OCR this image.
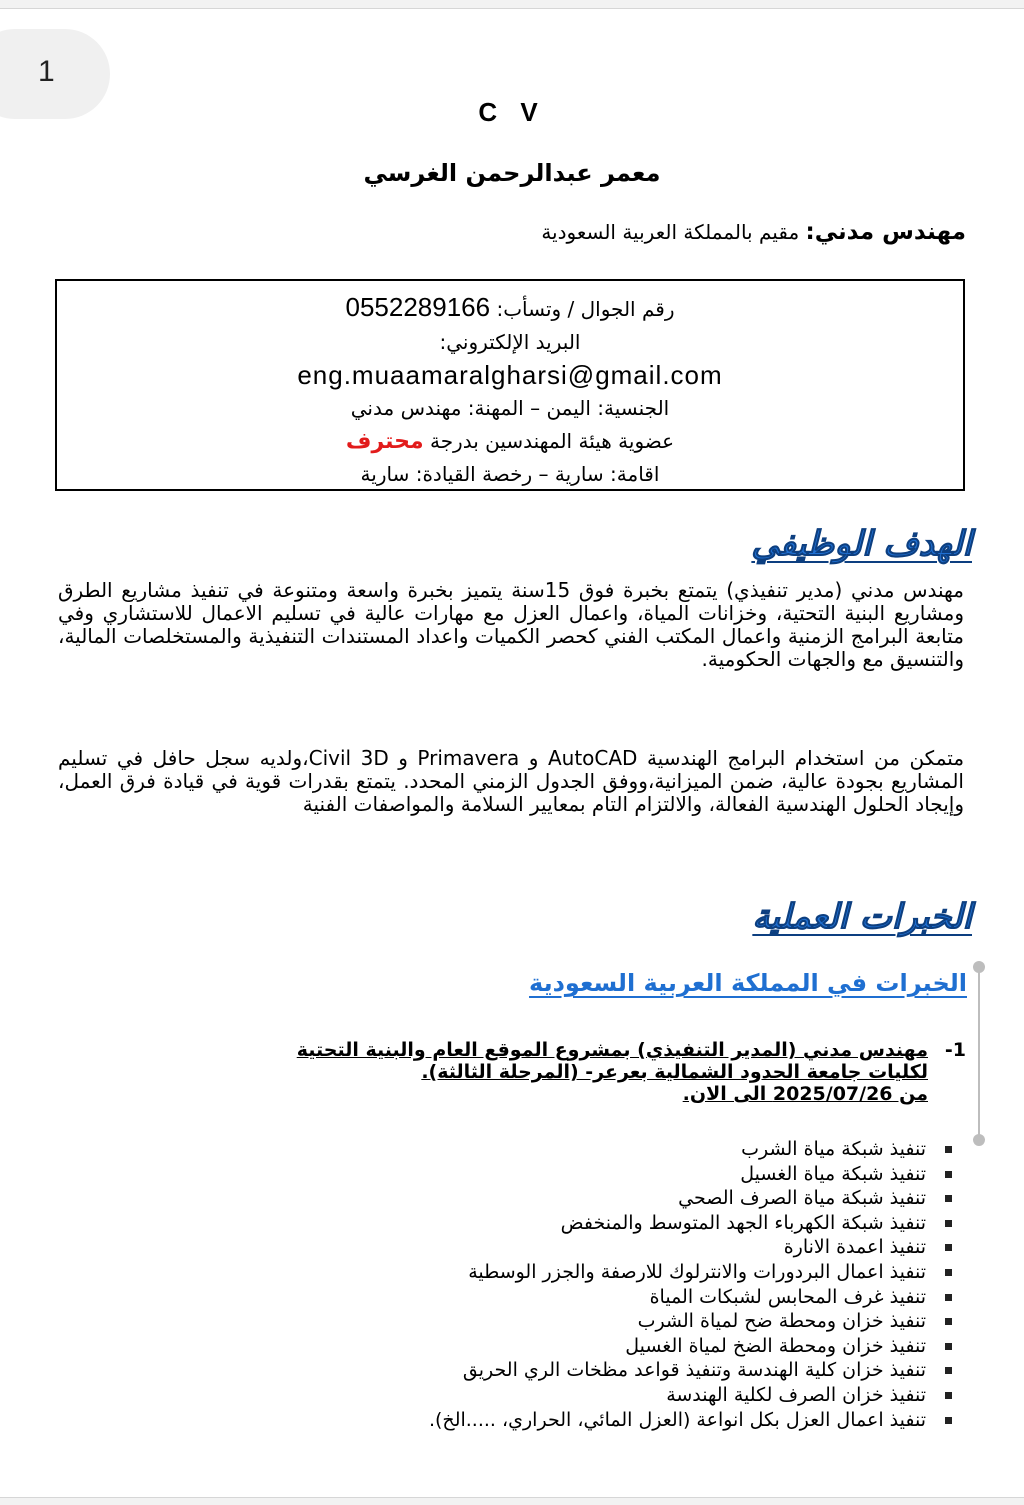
1
C V
معمر عبدالرحمن الغرسي
مهندس مدني: مقيم بالمملكة العربية السعودية
رقم الجوال / وتسأب: 0552289166
البريد الإلكتروني:
eng.muaamaralgharsi@gmail.com
الجنسية: اليمن – المهنة: مهندس مدني
عضوية هيئة المهندسين بدرجة محترف
اقامة: سارية – رخصة القيادة: سارية
الهدف الوظيفي
مهندس مدني (مدير تنفيذي) يتمتع بخبرة فوق 15سنة يتميز بخبرة واسعة ومتنوعة في تنفيذ مشاريع الطرق ومشاريع البنية التحتية، وخزانات المياة، واعمال العزل مع مهارات عالية في تسليم الاعمال للاستشاري وفي متابعة البرامج الزمنية واعمال المكتب الفني كحصر الكميات واعداد المستندات التنفيذية والمستخلصات المالية، والتنسيق مع والجهات الحكومية.
متمكن من استخدام البرامج الهندسية AutoCAD و Primavera و Civil 3D،ولديه سجل حافل في تسليم المشاريع بجودة عالية، ضمن الميزانية،ووفق الجدول الزمني المحدد. يتمتع بقدرات قوية في قيادة فرق العمل، وإيجاد الحلول الهندسية الفعالة، والالتزام التام بمعايير السلامة والمواصفات الفنية
الخبرات العملية
الخبرات في المملكة العربية السعودية
1-
مهندس مدني (المدير التنفيذي) بمشروع الموقع العام والبنية التحتية
لكليات جامعة الحدود الشمالية بعرعر- (المرحلة الثالثة).
من 2025/07/26 الى الان.
تنفيذ شبكة مياة الشرب
تنفيذ شبكة مياة الغسيل
تنفيذ شبكة مياة الصرف الصحي
تنفيذ شبكة الكهرباء الجهد المتوسط والمنخفض
تنفيذ اعمدة الانارة
تنفيذ اعمال البردورات والانترلوك للارصفة والجزر الوسطية
تنفيذ غرف المحابس لشبكات المياة
تنفيذ خزان ومحطة ضح لمياة الشرب
تنفيذ خزان ومحطة الضخ لمياة الغسيل
تنفيذ خزان كلية الهندسة وتنفيذ قواعد مظخات الري الحريق
تنفيذ خزان الصرف لكلية الهندسة
تنفيذ اعمال العزل بكل انواعة (العزل المائي، الحراري، .....الخ).
